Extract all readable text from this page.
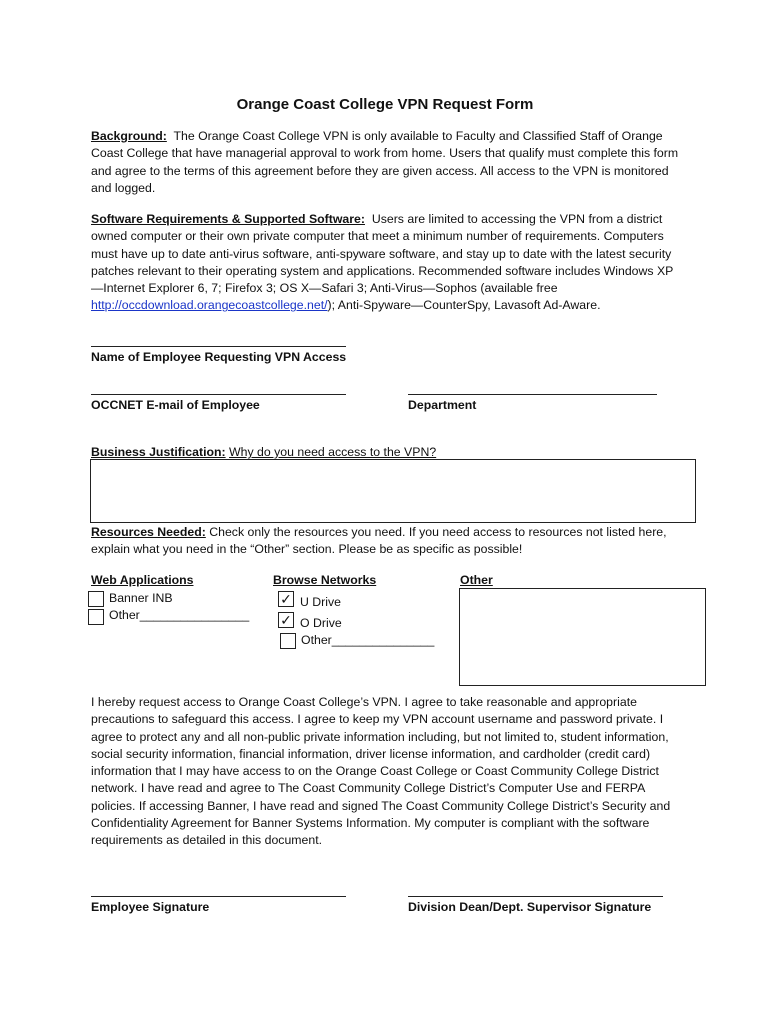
Orange Coast College VPN Request Form
Background: The Orange Coast College VPN is only available to Faculty and Classified Staff of Orange Coast College that have managerial approval to work from home. Users that qualify must complete this form and agree to the terms of this agreement before they are given access. All access to the VPN is monitored and logged.
Software Requirements & Supported Software: Users are limited to accessing the VPN from a district owned computer or their own private computer that meet a minimum number of requirements. Computers must have up to date anti-virus software, anti-spyware software, and stay up to date with the latest security patches relevant to their operating system and applications. Recommended software includes Windows XP—Internet Explorer 6, 7; Firefox 3; OS X—Safari 3; Anti-Virus—Sophos (available free http://occdownload.orangecoastcollege.net/); Anti-Spyware—CounterSpy, Lavasoft Ad-Aware.
Name of Employee Requesting VPN Access
OCCNET E-mail of Employee	Department
Business Justification: Why do you need access to the VPN?
Resources Needed: Check only the resources you need. If you need access to resources not listed here, explain what you need in the “Other” section. Please be as specific as possible!
Web Applications
Banner INB
Other________________
Browse Networks
✓ U Drive
✓ O Drive
Other_______________
Other
I hereby request access to Orange Coast College’s VPN. I agree to take reasonable and appropriate precautions to safeguard this access. I agree to keep my VPN account username and password private. I agree to protect any and all non-public private information including, but not limited to, student information, social security information, financial information, driver license information, and cardholder (credit card) information that I may have access to on the Orange Coast College or Coast Community College District network. I have read and agree to The Coast Community College District’s Computer Use and FERPA policies. If accessing Banner, I have read and signed The Coast Community College District’s Security and Confidentiality Agreement for Banner Systems Information. My computer is compliant with the software requirements as detailed in this document.
Employee Signature	Division Dean/Dept. Supervisor Signature
